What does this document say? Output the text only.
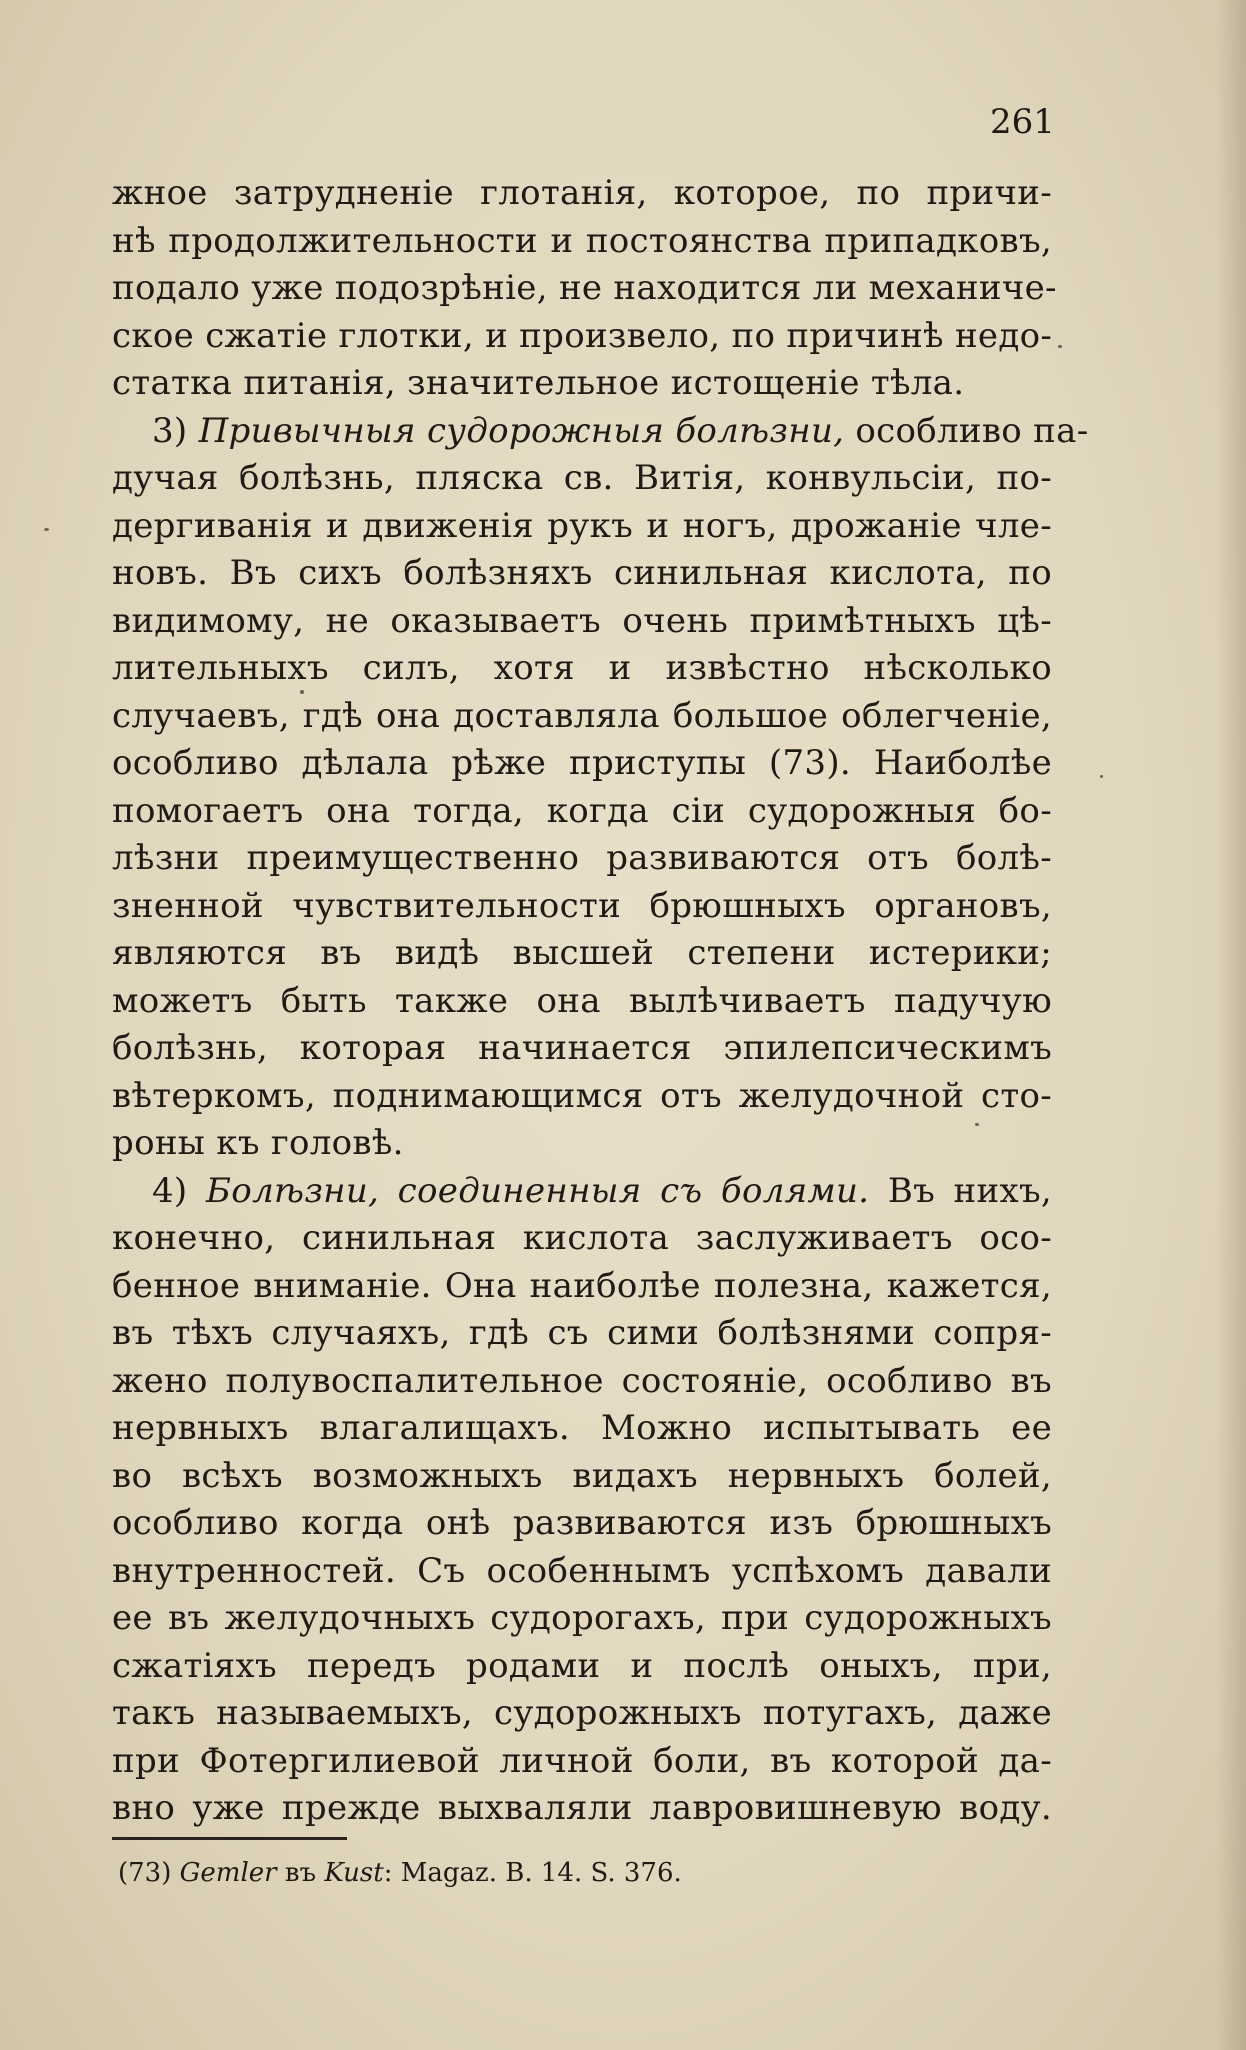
261
жное затрудненіе глотанія, которое, по причи-
нѣ продолжительности и постоянства припадковъ,
подало уже подозрѣніе, не находится ли механиче-
ское сжатіе глотки, и произвело, по причинѣ недо-
статка питанія, значительное истощеніе тѣла.
3) Привычныя судорожныя болѣзни, особливо па-
дучая болѣзнь, пляска св. Витія, конвульсіи, по-
дергиванія и движенія рукъ и ногъ, дрожаніе чле-
новъ. Въ сихъ болѣзняхъ синильная кислота, по
видимому, не оказываетъ очень примѣтныхъ цѣ-
лительныхъ силъ, хотя и извѣстно нѣсколько
случаевъ, гдѣ она доставляла большое облегченіе,
особливо дѣлала рѣже приступы (73). Наиболѣе
помогаетъ она тогда, когда сіи судорожныя бо-
лѣзни преимущественно развиваются отъ болѣ-
зненной чувствительности брюшныхъ органовъ,
являются въ видѣ высшей степени истерики;
можетъ быть также она вылѣчиваетъ падучую
болѣзнь, которая начинается эпилепсическимъ
вѣтеркомъ, поднимающимся отъ желудочной сто-
роны къ головѣ.
4) Болѣзни, соединенныя съ болями. Въ нихъ,
конечно, синильная кислота заслуживаетъ осо-
бенное вниманіе. Она наиболѣе полезна, кажется,
въ тѣхъ случаяхъ, гдѣ съ сими болѣзнями сопря-
жено полувоспалительное состояніе, особливо въ
нервныхъ влагалищахъ. Можно испытывать ее
во всѣхъ возможныхъ видахъ нервныхъ болей,
особливо когда онѣ развиваются изъ брюшныхъ
внутренностей. Съ особеннымъ успѣхомъ давали
ее въ желудочныхъ судорогахъ, при судорожныхъ
сжатіяхъ передъ родами и послѣ оныхъ, при,
такъ называемыхъ, судорожныхъ потугахъ, даже
при Фотергилиевой личной боли, въ которой да-
вно уже прежде выхваляли лавровишневую воду.
(73) Gemler въ Kust: Magaz. B. 14. S. 376.
